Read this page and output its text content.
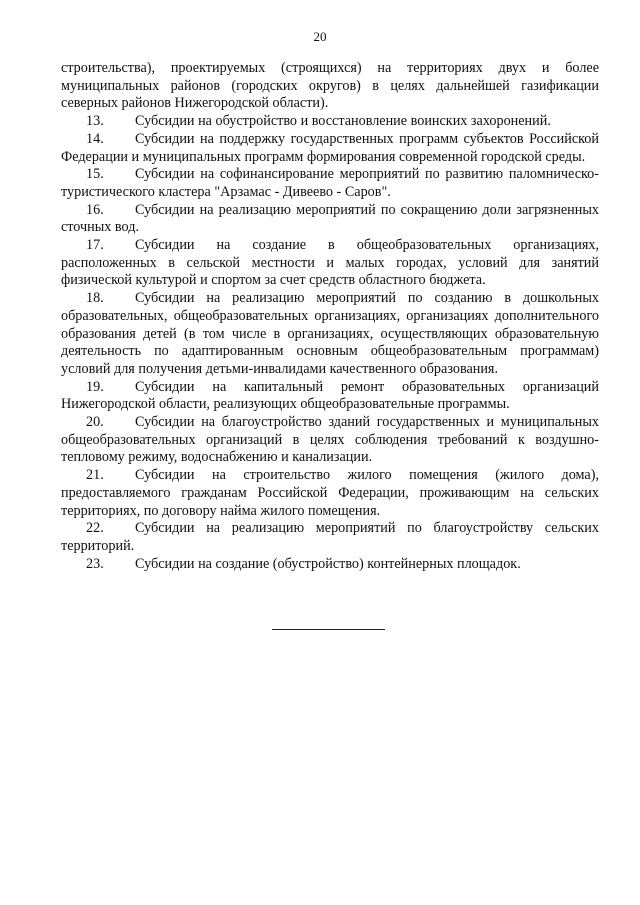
20

строительства), проектируемых (строящихся) на территориях двух и более муниципальных районов (городских округов) в целях дальнейшей газификации северных районов Нижегородской области).

13. Субсидии на обустройство и восстановление воинских захоронений.

14. Субсидии на поддержку государственных программ субъектов Российской Федерации и муниципальных программ формирования современной городской среды.

15. Субсидии на софинансирование мероприятий по развитию паломническо-туристического кластера "Арзамас - Дивеево - Саров".

16. Субсидии на реализацию мероприятий по сокращению доли загрязненных сточных вод.

17. Субсидии на создание в общеобразовательных организациях, расположенных в сельской местности и малых городах, условий для занятий физической культурой и спортом за счет средств областного бюджета.

18. Субсидии на реализацию мероприятий по созданию в дошкольных образовательных, общеобразовательных организациях, организациях дополнительного образования детей (в том числе в организациях, осуществляющих образовательную деятельность по адаптированным основным общеобразовательным программам) условий для получения детьми-инвалидами качественного образования.

19. Субсидии на капитальный ремонт образовательных организаций Нижегородской области, реализующих общеобразовательные программы.

20. Субсидии на благоустройство зданий государственных и муниципальных общеобразовательных организаций в целях соблюдения требований к воздушно-тепловому режиму, водоснабжению и канализации.

21. Субсидии на строительство жилого помещения (жилого дома), предоставляемого гражданам Российской Федерации, проживающим на сельских территориях, по договору найма жилого помещения.

22. Субсидии на реализацию мероприятий по благоустройству сельских территорий.

23. Субсидии на создание (обустройство) контейнерных площадок.
